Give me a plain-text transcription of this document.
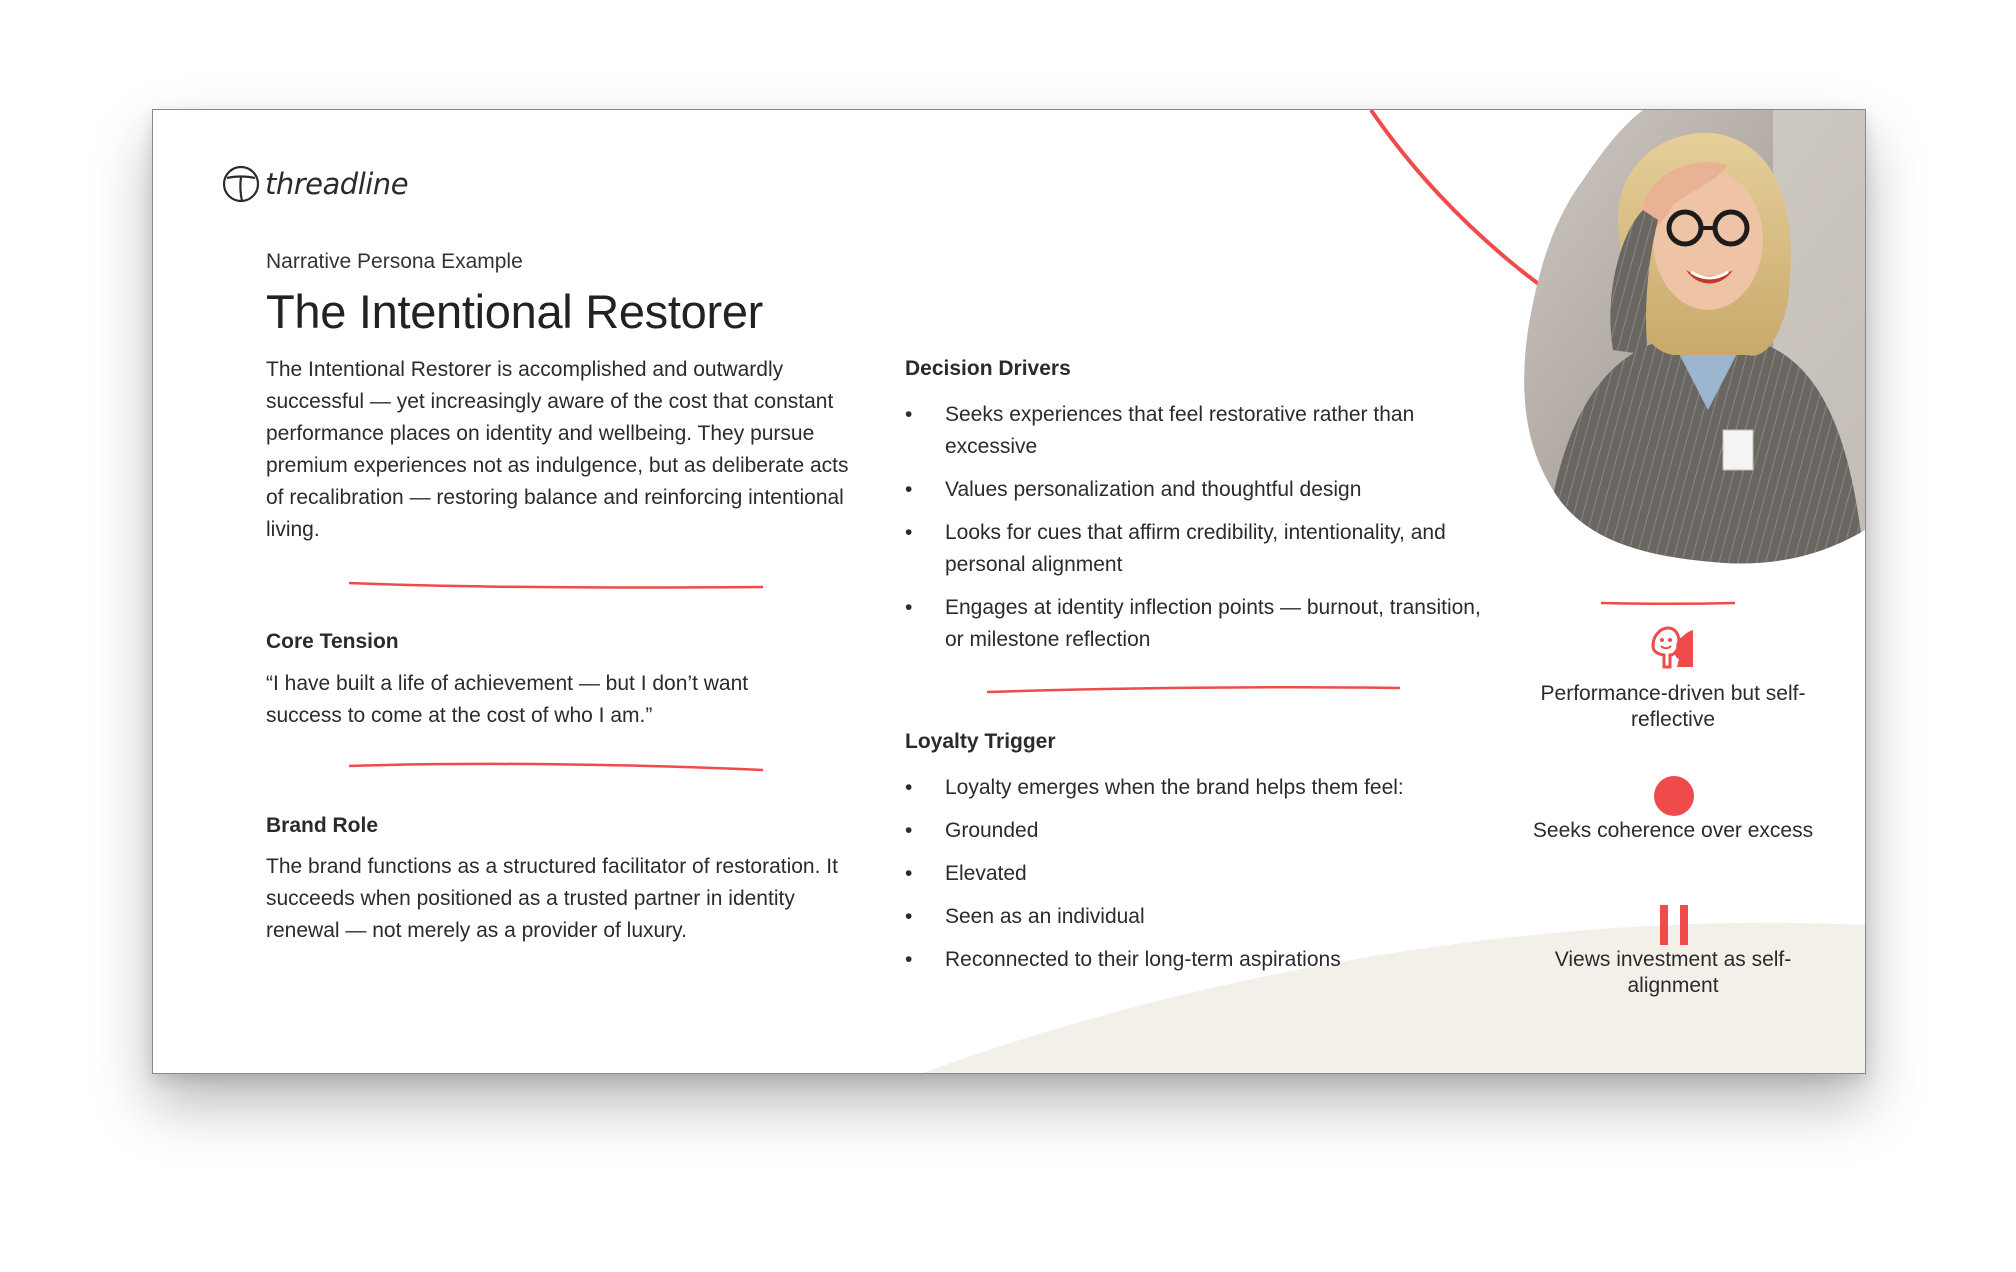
threadline
Narrative Persona Example
The Intentional Restorer
The Intentional Restorer is accomplished and outwardly successful — yet increasingly aware of the cost that constant performance places on identity and wellbeing. They pursue premium experiences not as indulgence, but as deliberate acts of recalibration — restoring balance and reinforcing intentional living.
Core Tension
“I have built a life of achievement — but I don’t want success to come at the cost of who I am.”
Brand Role
The brand functions as a structured facilitator of restoration. It succeeds when positioned as a trusted partner in identity renewal — not merely as a provider of luxury.
Decision Drivers
• Seeks experiences that feel restorative rather than excessive
• Values personalization and thoughtful design
• Looks for cues that affirm credibility, intentionality, and personal alignment
• Engages at identity inflection points — burnout, transition, or milestone reflection
Loyalty Trigger
• Loyalty emerges when the brand helps them feel:
• Grounded
• Elevated
• Seen as an individual
• Reconnected to their long-term aspirations
Performance-driven but self-reflective
Seeks coherence over excess
Views investment as self-alignment
